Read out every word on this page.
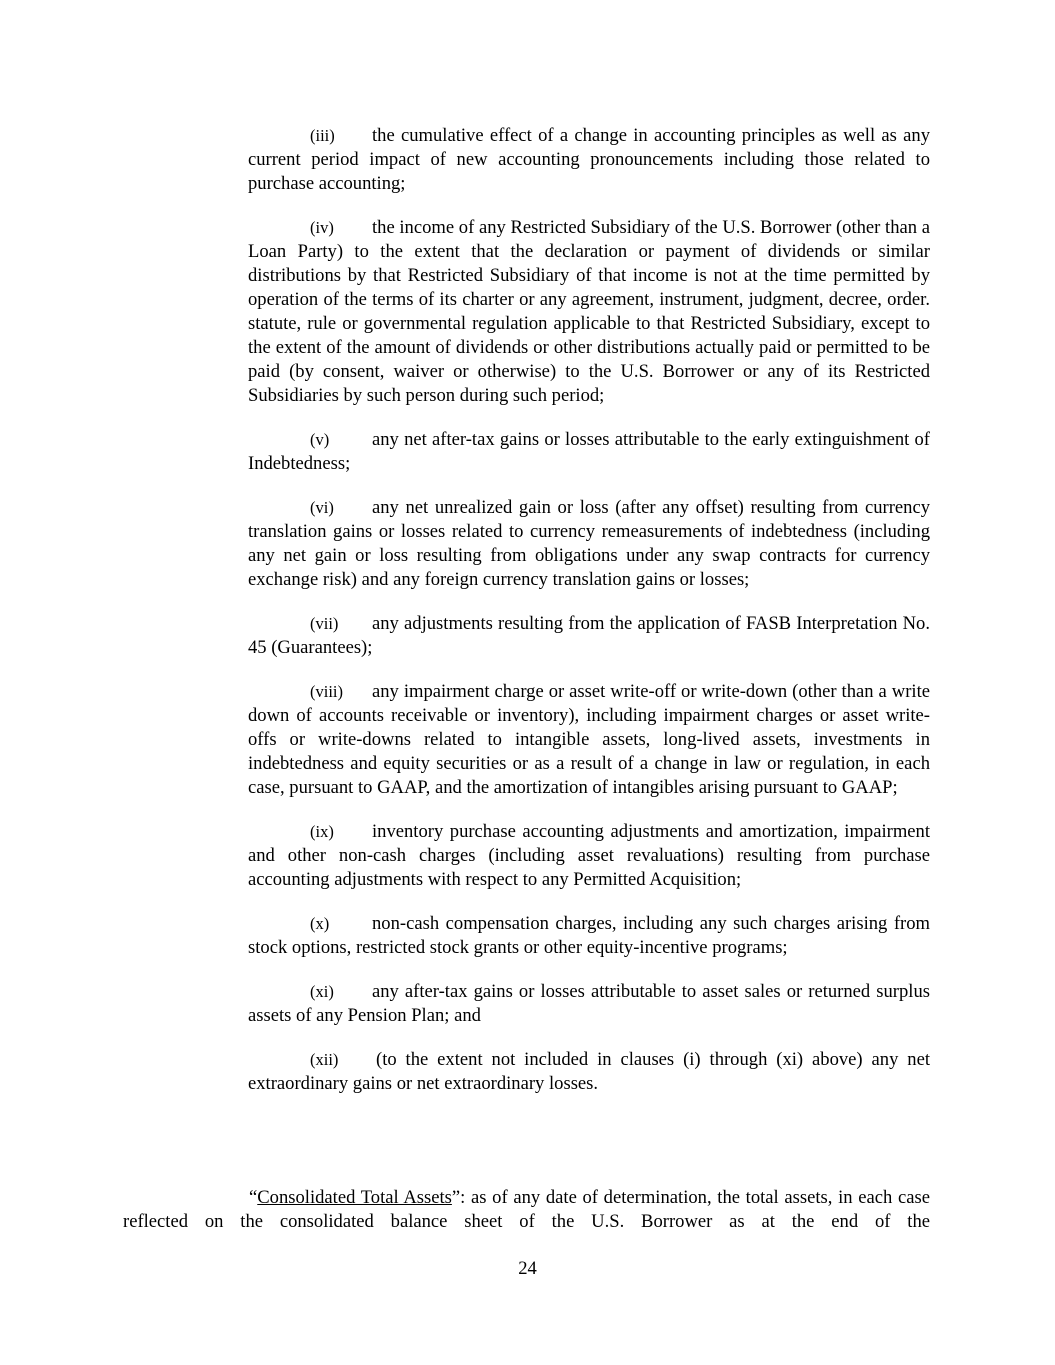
(iii) the cumulative effect of a change in accounting principles as well as any current period impact of new accounting pronouncements including those related to purchase accounting;

(iv) the income of any Restricted Subsidiary of the U.S. Borrower (other than a Loan Party) to the extent that the declaration or payment of dividends or similar distributions by that Restricted Subsidiary of that income is not at the time permitted by operation of the terms of its charter or any agreement, instrument, judgment, decree, order. statute, rule or governmental regulation applicable to that Restricted Subsidiary, except to the extent of the amount of dividends or other distributions actually paid or permitted to be paid (by consent, waiver or otherwise) to the U.S. Borrower or any of its Restricted Subsidiaries by such person during such period;

(v) any net after-tax gains or losses attributable to the early extinguishment of Indebtedness;

(vi) any net unrealized gain or loss (after any offset) resulting from currency translation gains or losses related to currency remeasurements of indebtedness (including any net gain or loss resulting from obligations under any swap contracts for currency exchange risk) and any foreign currency translation gains or losses;

(vii) any adjustments resulting from the application of FASB Interpretation No. 45 (Guarantees);

(viii) any impairment charge or asset write-off or write-down (other than a write down of accounts receivable or inventory), including impairment charges or asset write-offs or write-downs related to intangible assets, long-lived assets, investments in indebtedness and equity securities or as a result of a change in law or regulation, in each case, pursuant to GAAP, and the amortization of intangibles arising pursuant to GAAP;

(ix) inventory purchase accounting adjustments and amortization, impairment and other non-cash charges (including asset revaluations) resulting from purchase accounting adjustments with respect to any Permitted Acquisition;

(x) non-cash compensation charges, including any such charges arising from stock options, restricted stock grants or other equity-incentive programs;

(xi) any after-tax gains or losses attributable to asset sales or returned surplus assets of any Pension Plan; and

(xii) (to the extent not included in clauses (i) through (xi) above) any net extraordinary gains or net extraordinary losses.

“Consolidated Total Assets”: as of any date of determination, the total assets, in each case reflected on the consolidated balance sheet of the U.S. Borrower as at the end of the

24
